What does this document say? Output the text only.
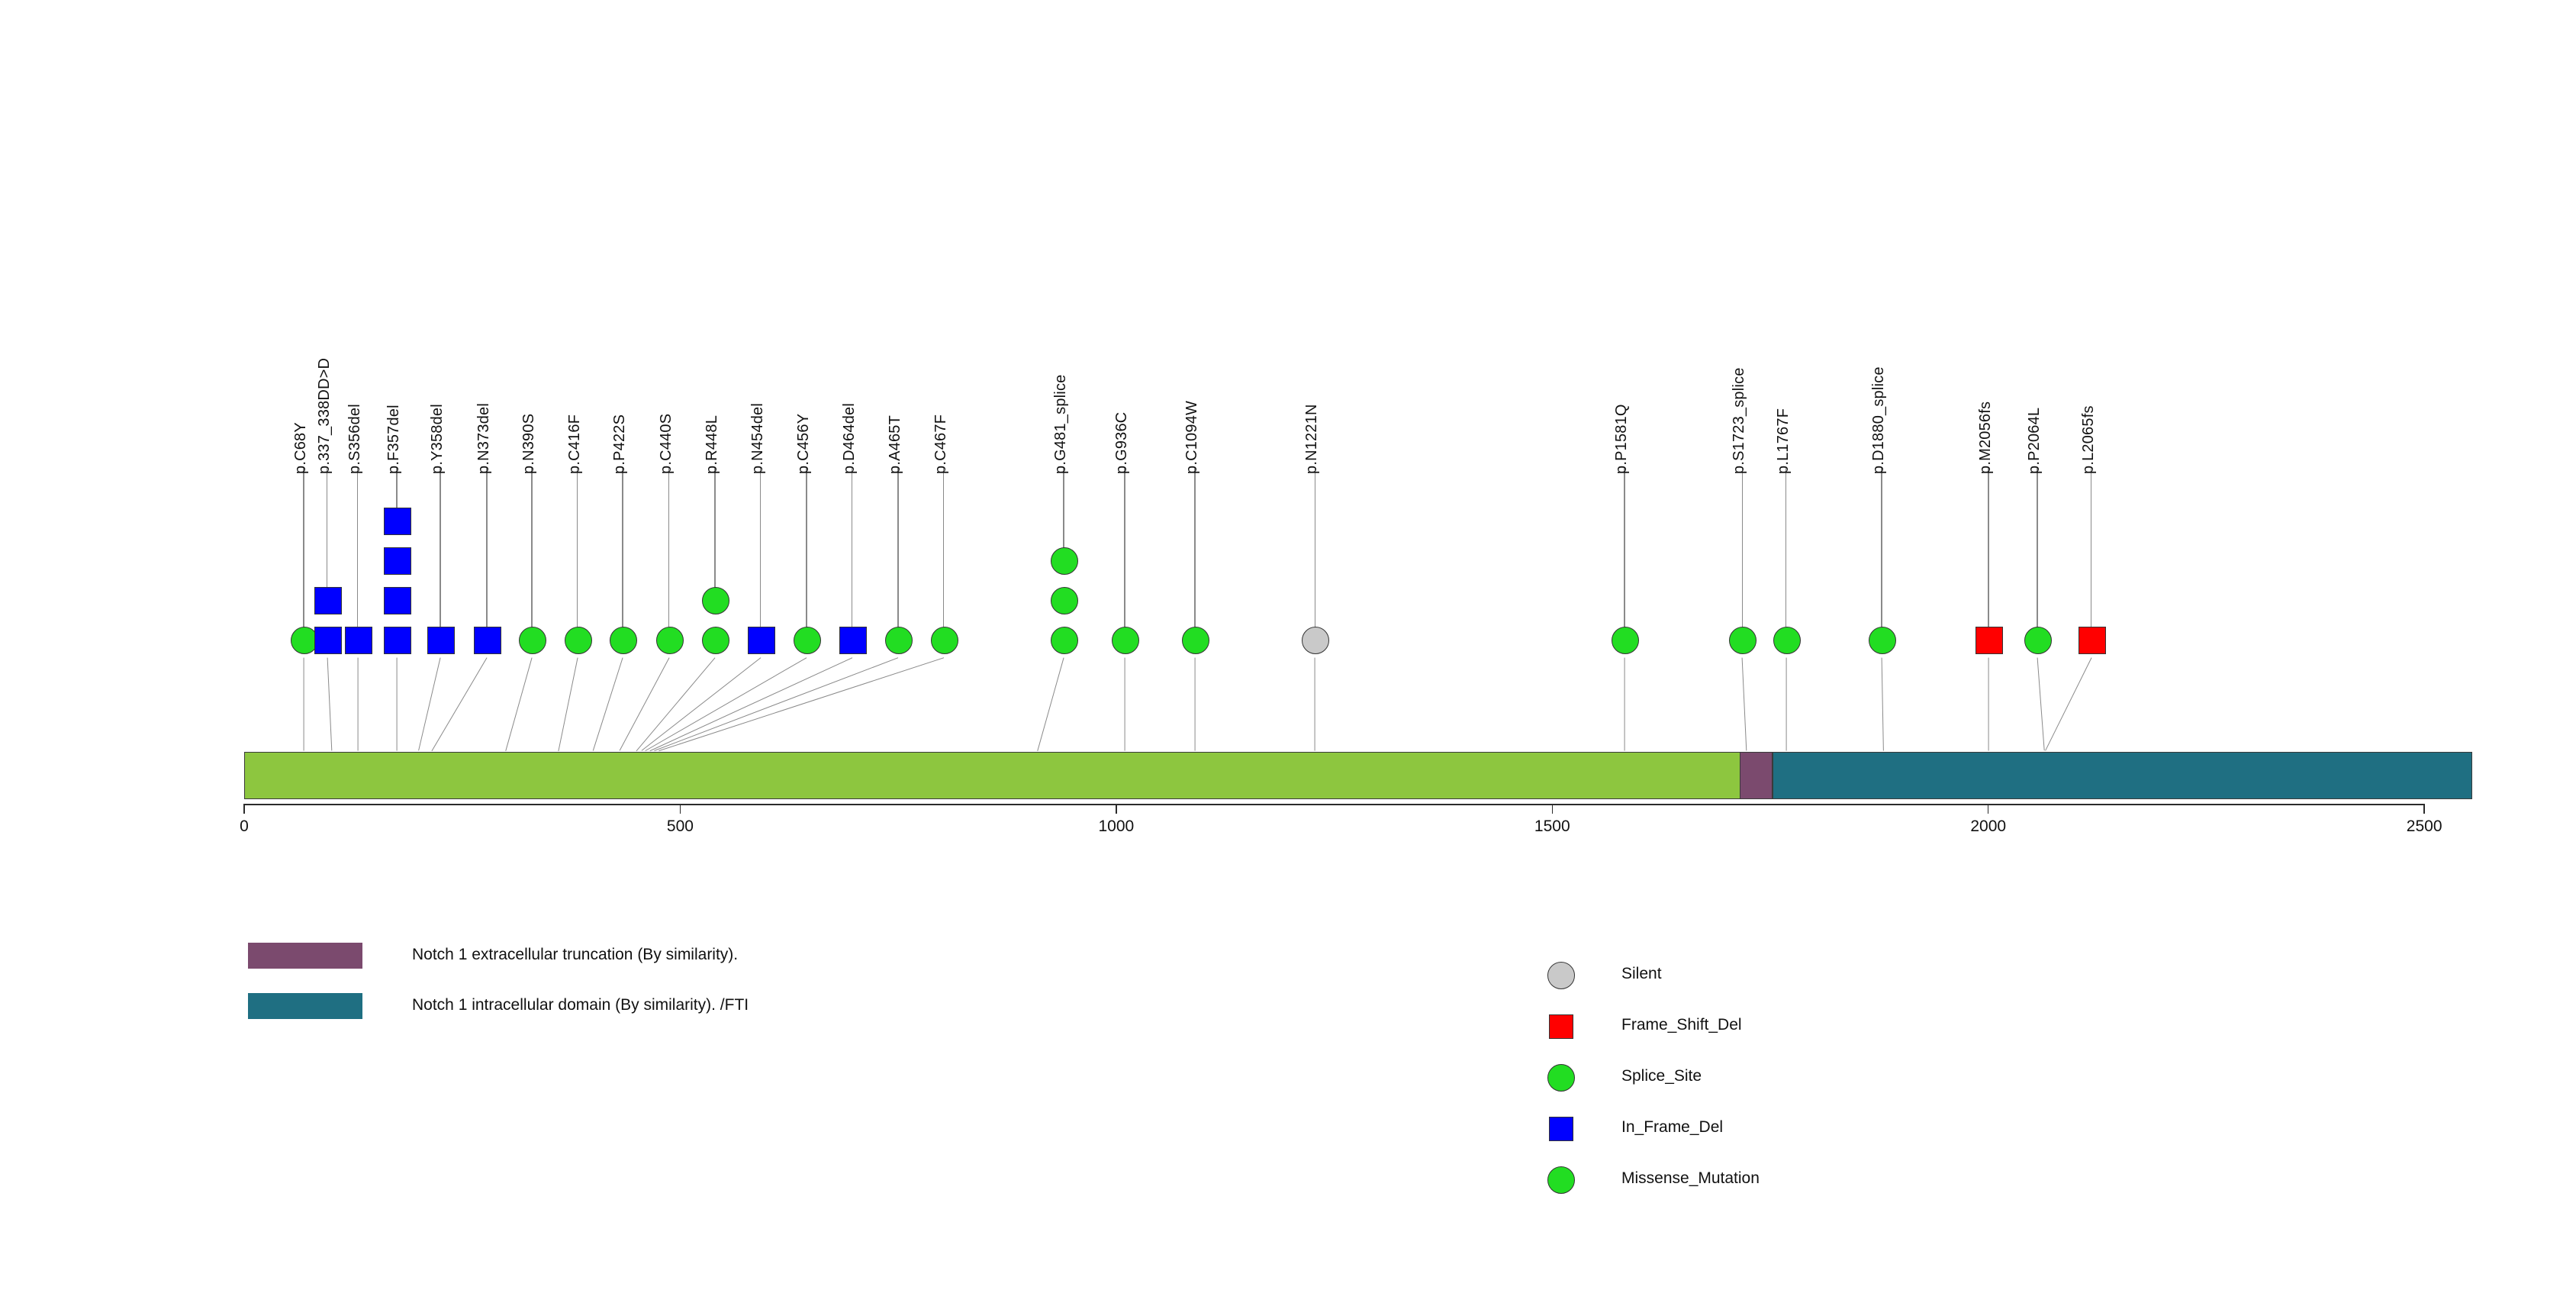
p.C68Y p.337_338DD>D p.S356del p.F357del p.Y358del p.N373del p.N390S p.C416F p.P422S p.C440S p.R448L p.N454del p.C456Y p.D464del p.A465T p.C467F	p.G481_splice	p.G936C	p.C1094W	p.N1221N	p.P1581Q	p.S1723_splice p.L1767F	p.D1880_splice	p.M2056fs p.P2064L p.L2065fs
0	500	1000	1500	2000	2500
Notch 1 extracellular truncation (By similarity).
Notch 1 intracellular domain (By similarity). /FTI
Silent
Frame_Shift_Del
Splice_Site
In_Frame_Del
Missense_Mutation
